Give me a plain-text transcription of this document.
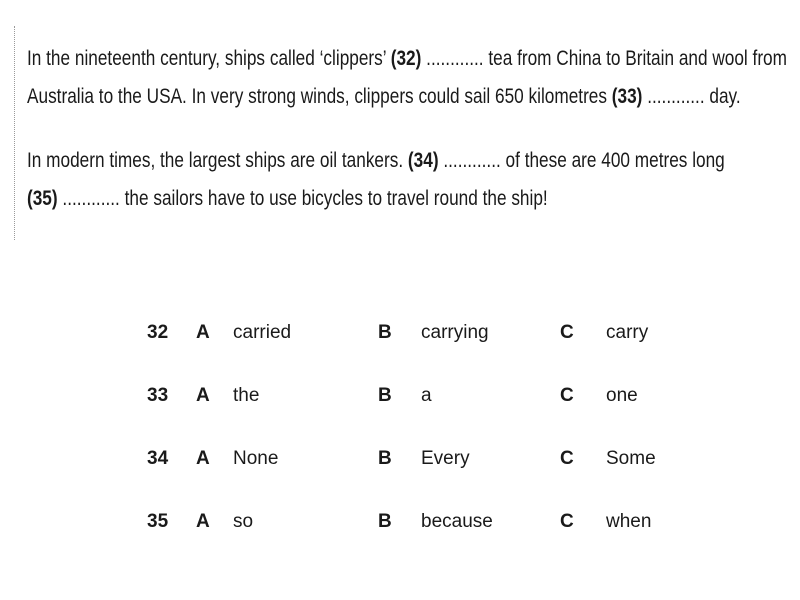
In the nineteenth century, ships called ‘clippers’ (32) ............ tea from China to Britain and wool from
Australia to the USA. In very strong winds, clippers could sail 650 kilometres (33) ............ day.

In modern times, the largest ships are oil tankers. (34) ............ of these are 400 metres long
(35) ............ the sailors have to use bicycles to travel round the ship!

32 A carried	B carrying	C carry
33 A the	B a	C one
34 A None	B Every	C Some
35 A so	B because	C when
